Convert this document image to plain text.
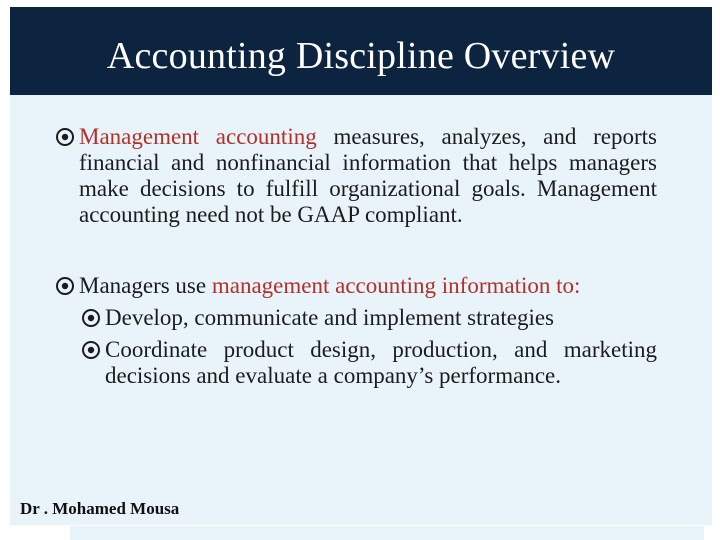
Accounting Discipline Overview
Management accounting measures, analyzes, and reports financial and nonfinancial information that helps managers make decisions to fulfill organizational goals. Management accounting need not be GAAP compliant.
Managers use management accounting information to:
Develop, communicate and implement strategies
Coordinate product design, production, and marketing decisions and evaluate a company’s performance.
Dr . Mohamed Mousa
